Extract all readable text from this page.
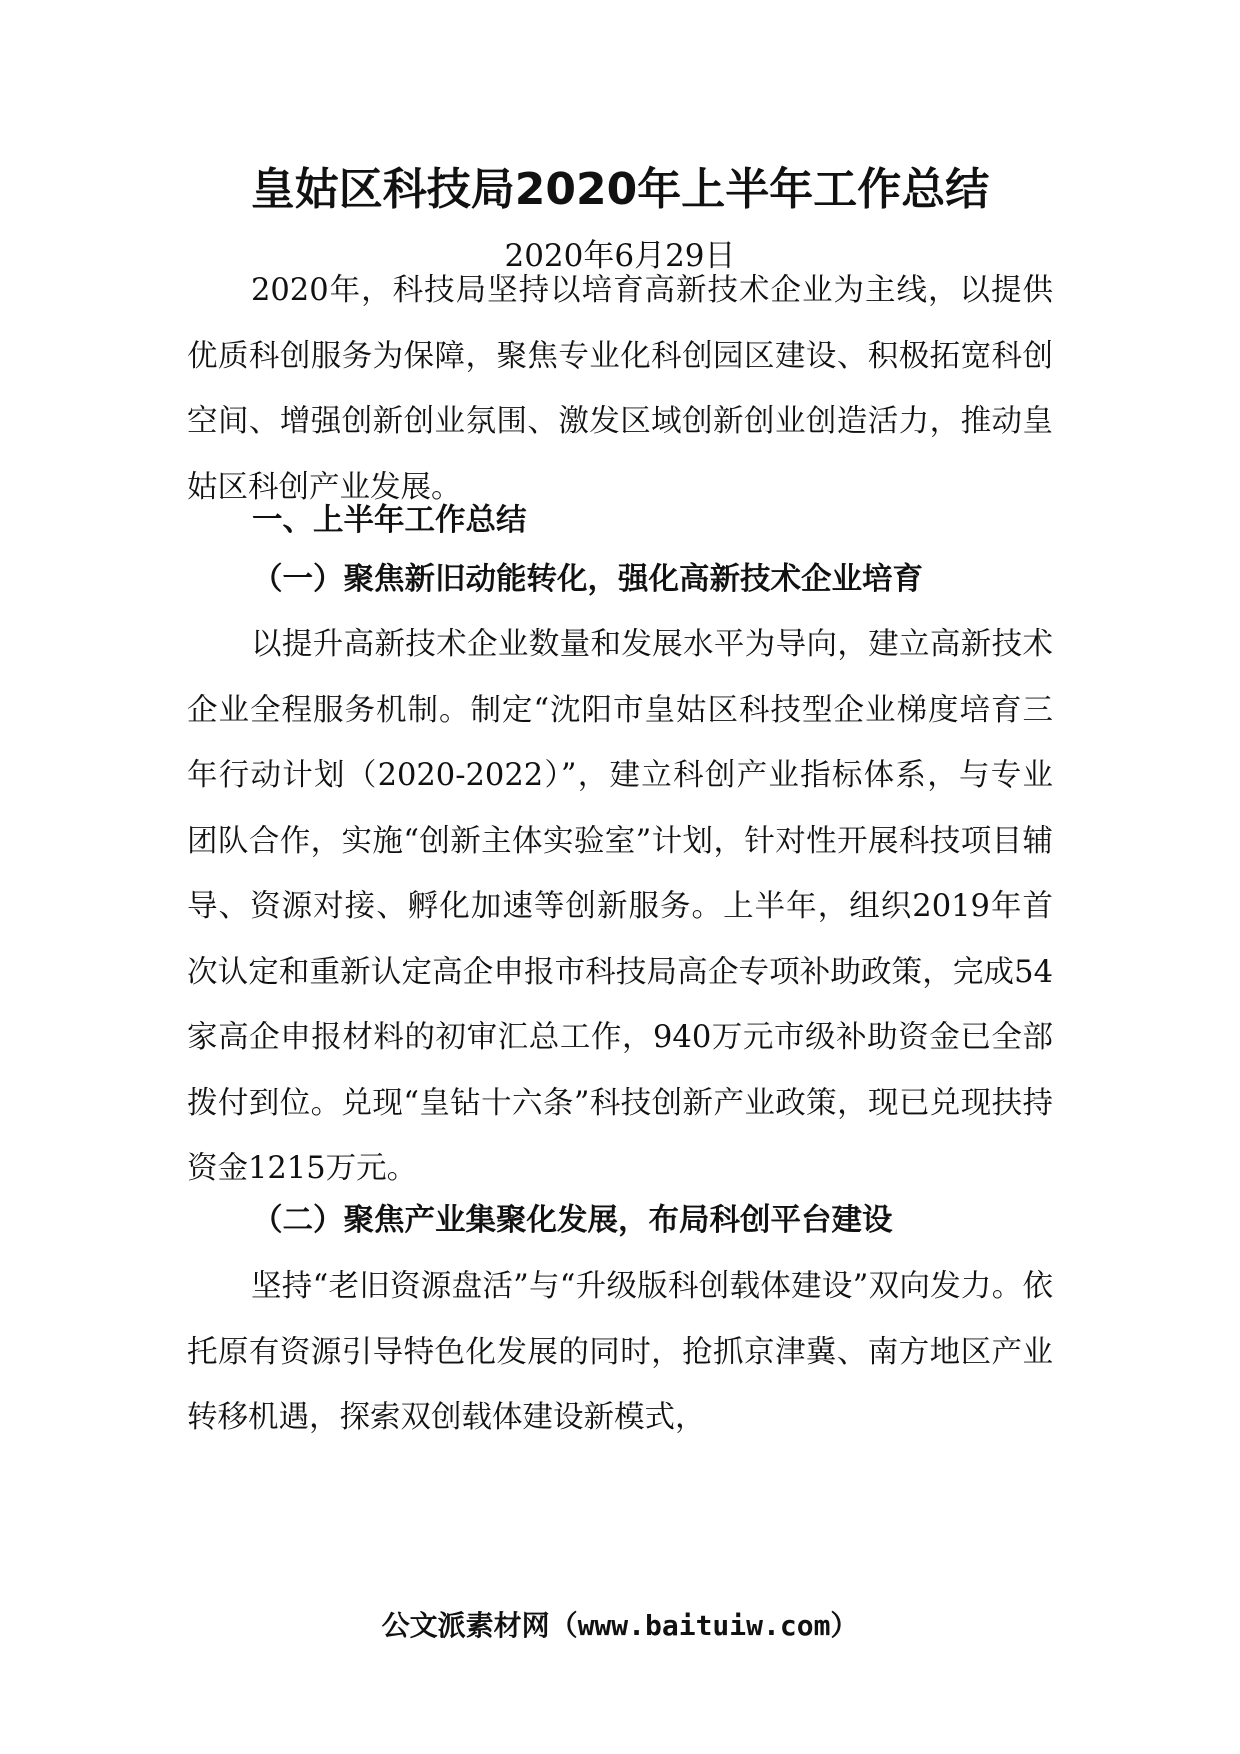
皇姑区科技局2020年上半年工作总结
2020年6月29日

2020年，科技局坚持以培育高新技术企业为主线，以提供优质科创服务为保障，聚焦专业化科创园区建设、积极拓宽科创空间、增强创新创业氛围、激发区域创新创业创造活力，推动皇姑区科创产业发展。

一、上半年工作总结
（一）聚焦新旧动能转化，强化高新技术企业培育

以提升高新技术企业数量和发展水平为导向，建立高新技术企业全程服务机制。制定“沈阳市皇姑区科技型企业梯度培育三年行动计划（2020-2022）”，建立科创产业指标体系，与专业团队合作，实施“创新主体实验室”计划，针对性开展科技项目辅导、资源对接、孵化加速等创新服务。上半年，组织2019年首次认定和重新认定高企申报市科技局高企专项补助政策，完成54家高企申报材料的初审汇总工作，940万元市级补助资金已全部拨付到位。兑现“皇钻十六条”科技创新产业政策，现已兑现扶持资金1215万元。

（二）聚焦产业集聚化发展，布局科创平台建设

坚持“老旧资源盘活”与“升级版科创载体建设”双向发力。依托原有资源引导特色化发展的同时，抢抓京津冀、南方地区产业转移机遇，探索双创载体建设新模式，

公文派素材网（www.baituiw.com）
